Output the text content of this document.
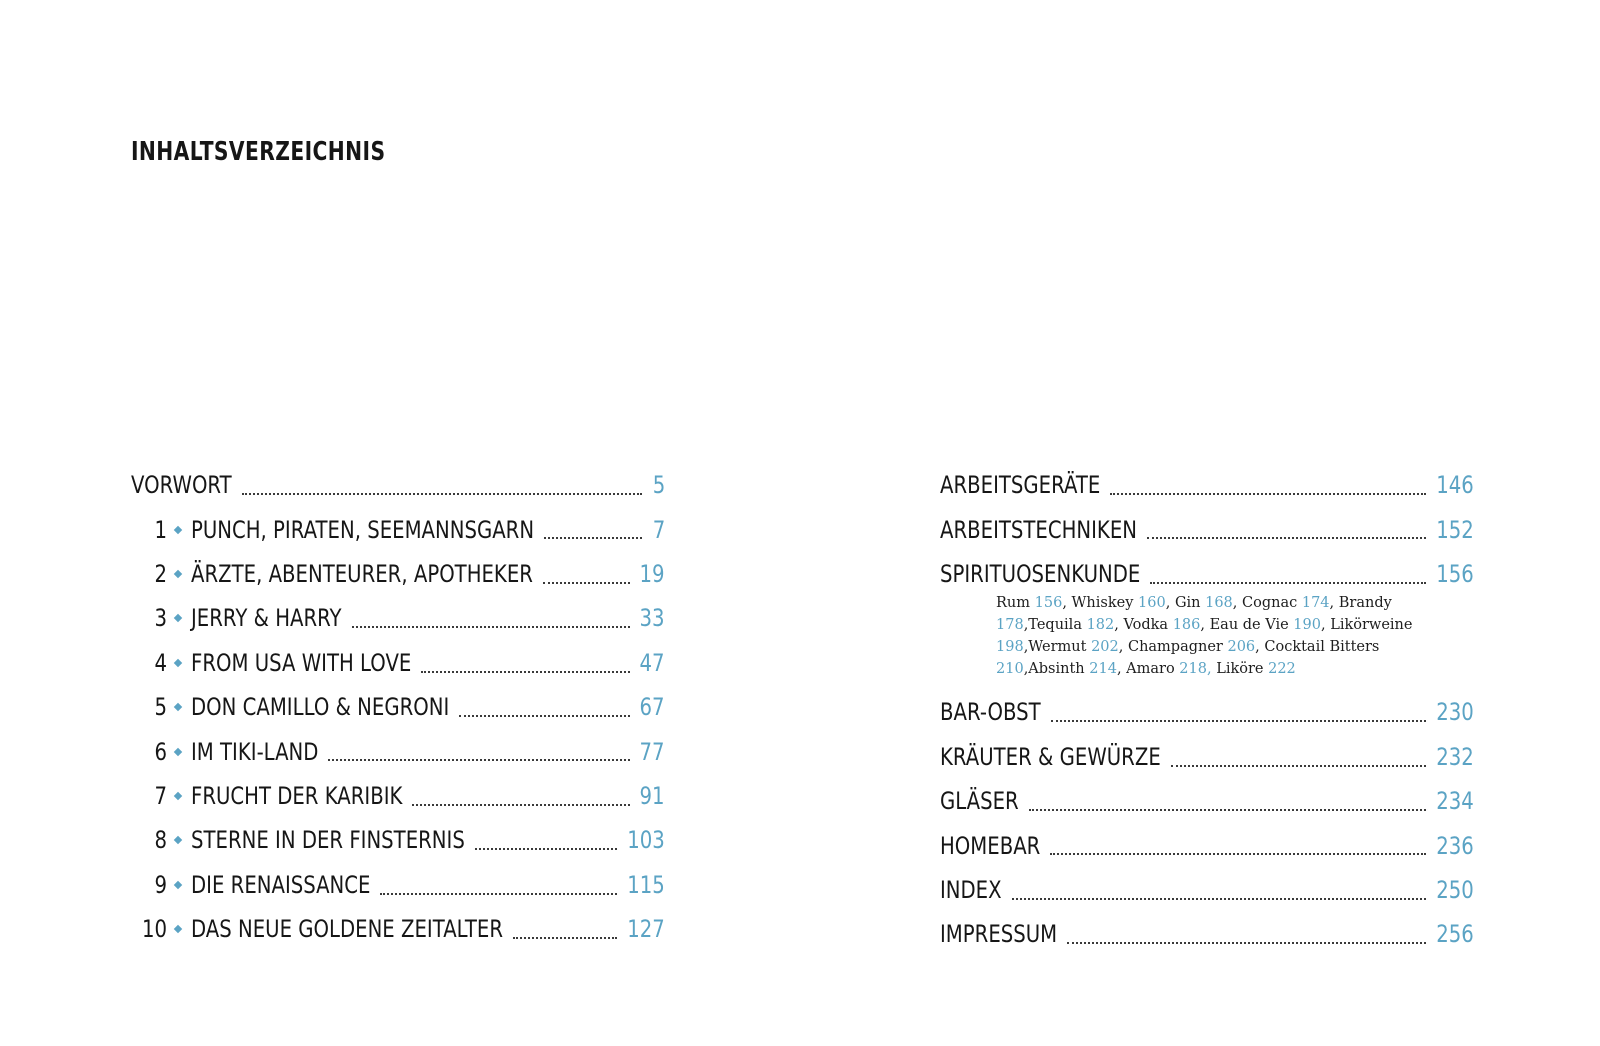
INHALTSVERZEICHNIS
VORWORT	5
1 PUNCH, PIRATEN, SEEMANNSGARN	7
2 ÄRZTE, ABENTEURER, APOTHEKER	19
3 JERRY & HARRY	33
4 FROM USA WITH LOVE	47
5 DON CAMILLO & NEGRONI	67
6 IM TIKI-LAND	77
7 FRUCHT DER KARIBIK	91
8 STERNE IN DER FINSTERNIS	103
9 DIE RENAISSANCE	115
10 DAS NEUE GOLDENE ZEITALTER	127
ARBEITSGERÄTE	146
ARBEITSTECHNIKEN	152
SPIRITUOSENKUNDE	156
Rum 156, Whiskey 160, Gin 168, Cognac 174, Brandy 178,Tequila 182, Vodka 186, Eau de Vie 190, Likörweine 198,Wermut 202, Champagner 206, Cocktail Bitters 210,Absinth 214, Amaro 218, Liköre 222
BAR-OBST	230
KRÄUTER & GEWÜRZE	232
GLÄSER	234
HOMEBAR	236
INDEX	250
IMPRESSUM	256
